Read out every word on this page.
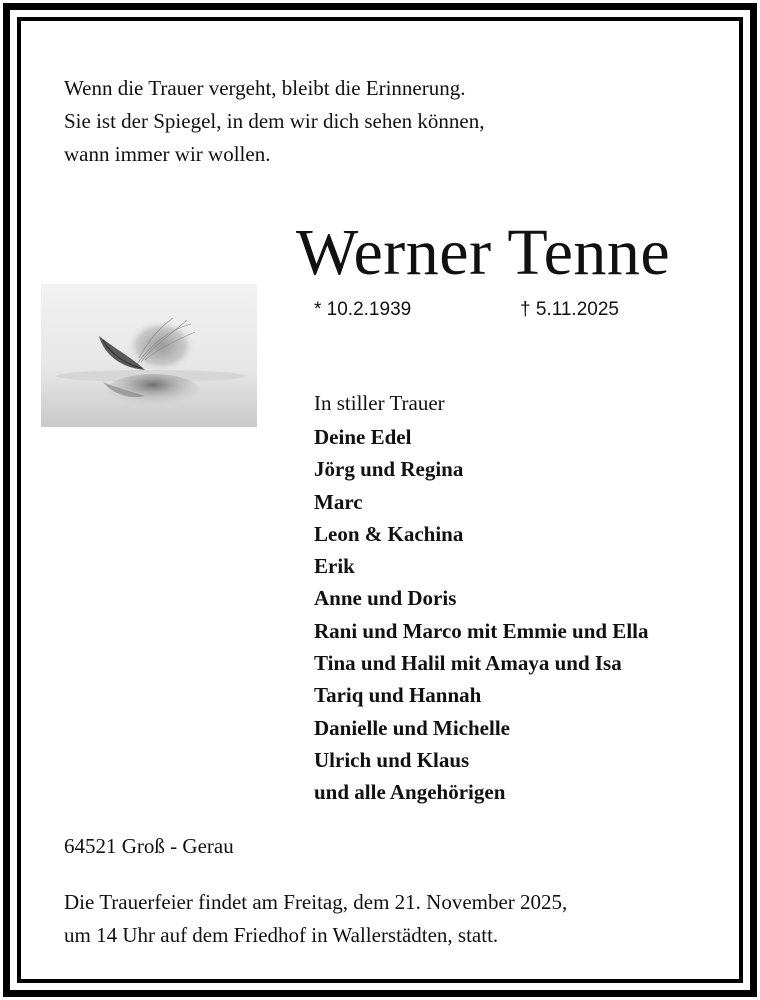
Wenn die Trauer vergeht, bleibt die Erinnerung.
Sie ist der Spiegel, in dem wir dich sehen können,
wann immer wir wollen.
Werner Tenne
* 10.2.1939	† 5.11.2025
In stiller Trauer
Deine Edel
Jörg und Regina
Marc
Leon & Kachina
Erik
Anne und Doris
Rani und Marco mit Emmie und Ella
Tina und Halil mit Amaya und Isa
Tariq und Hannah
Danielle und Michelle
Ulrich und Klaus
und alle Angehörigen
64521 Groß - Gerau
Die Trauerfeier findet am Freitag, dem 21. November 2025,
um 14 Uhr auf dem Friedhof in Wallerstädten, statt.
